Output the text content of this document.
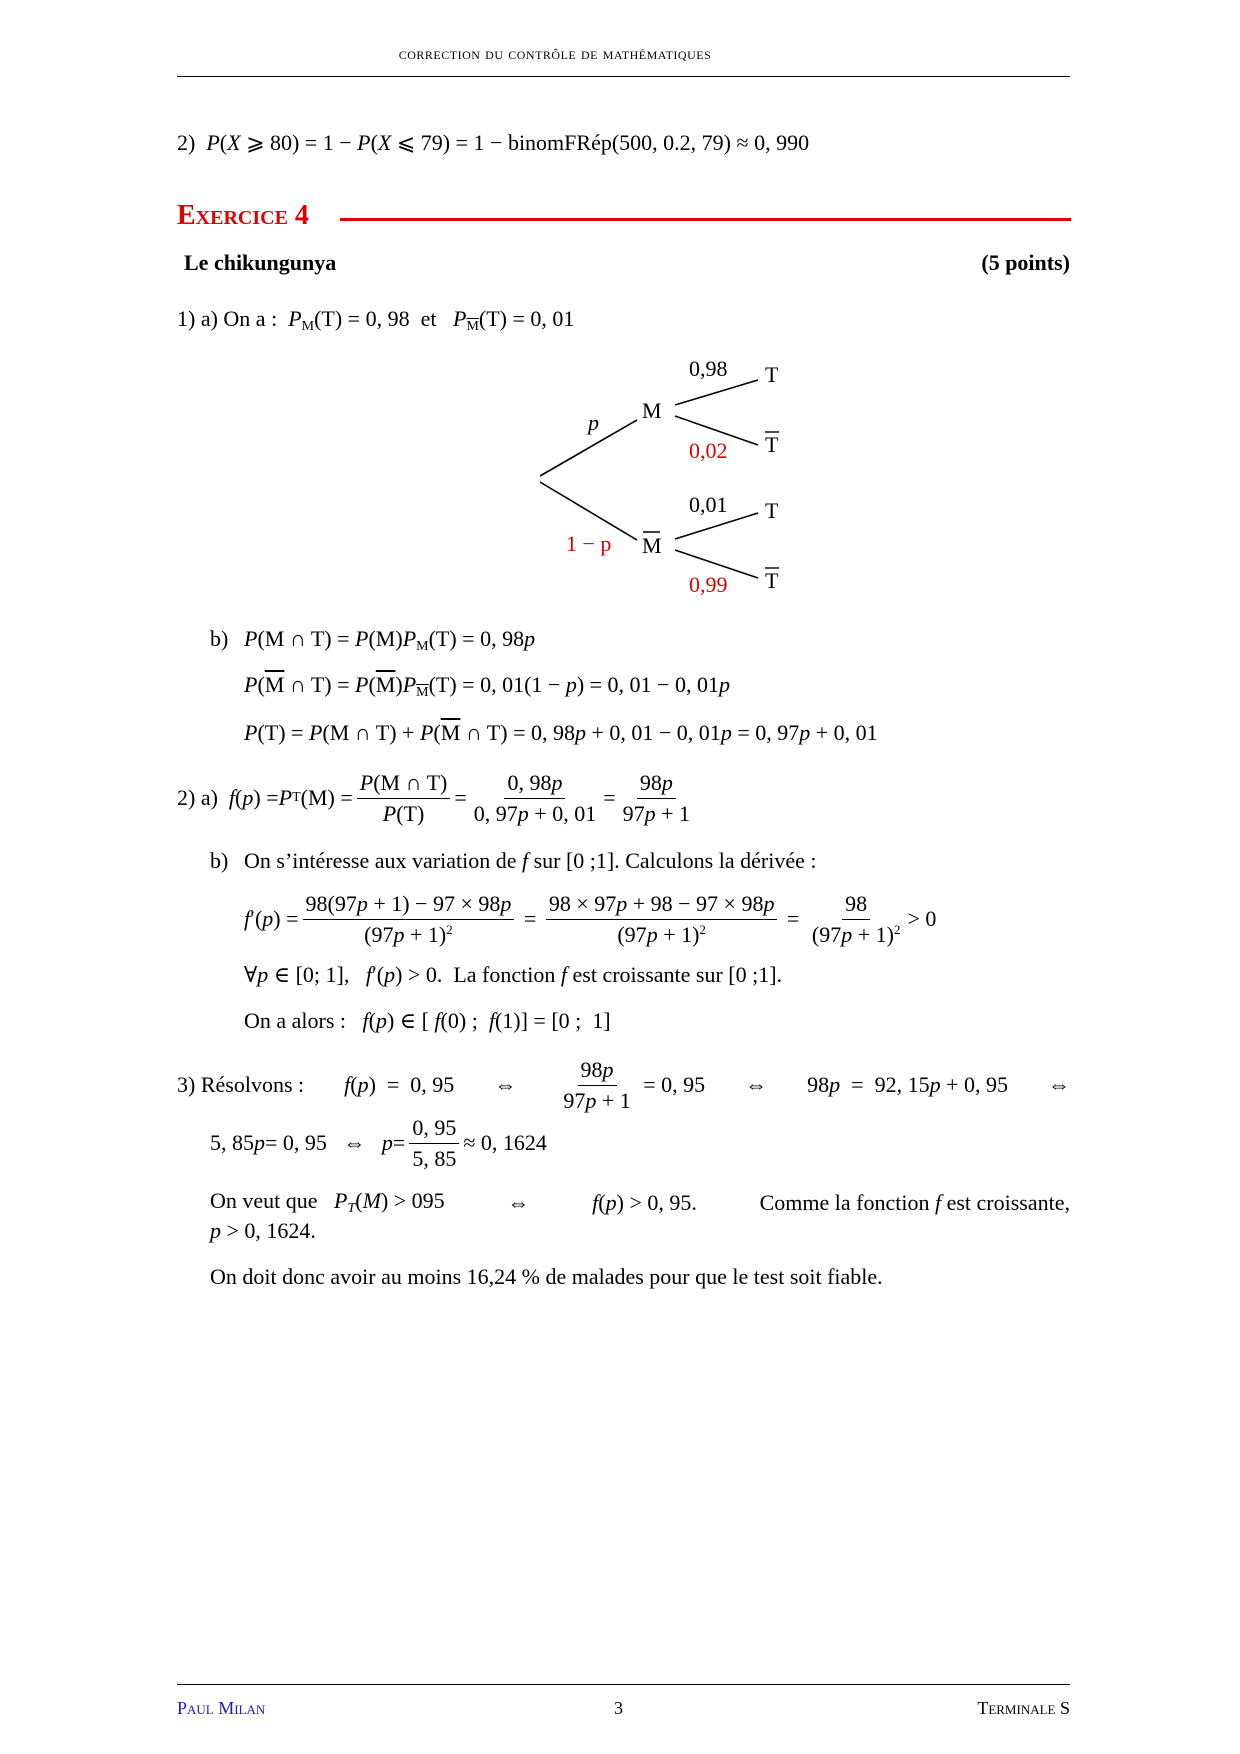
correction du contrôle de mathématiques
2)  P(X ⩾ 80) = 1 − P(X ⩽ 79) = 1 − binomFRép(500, 0.2, 79) ≈ 0, 990
Exercice 4
Le chikungunya	(5 points)
1) a) On a : $P_M(T) = 0$, 98  et $P_{\overline{M}}(T) = 0$, 01
p
1 − p
M
M
0,98
0,02
0,01
0,99
T
T
T
T
b) P(M ∩ $T) = P(M)P_M(T) = 0$, 98p
$P(\overline{M}$ ∩ $T) = P(\overline{M})P_{\overline{M}}(T) = 0$, 01(1 − p) = 0, 01 − 0, 01p
P(T) = P(M ∩ $T) + P(\overline{M}$ ∩ T) = 0, 98p + 0, 01 − 0, 01p = 0, 97p + 0, 01
2) a)
f ( p ) = P T $(M) = \frac{P(M \cap T)}{P(T)} = \frac{0, 98p}{0, 97p + 0, 01} = \frac{98p}{97p + 1}$
b) On s’intéresse aux variation de f sur [0 ;1]. Calculons la dérivée :
f ′( p ) = $\frac{98(97p + 1) - 97 \times 98p}{(97p + 1)^2} = \frac{98 \times 97p + 98 - 97 \times 98p}{(97p + 1)^2} = \frac{98}{(97p + 1)^2} > 0$
∀p ∈ [0; 1],   f′(p) > 0.  La fonction f est croissante sur [0 ;1].
On a alors :   f(p) ∈ [ f(0) ;  f(1)] = [0 ;  1]
3) Résolvons : f(p)  =  0, 95 ⇔ $\frac{98p}{97p + 1}$
= 0, 95 ⇔ 98p  =  92, 15p + 0, 95 ⇔
5, 85 p = 0, 95 ⇔
$p = \frac{0, 95}{5, 85} \approx 0$, 1624
On veut que   $P_T(M) > 095$	⇔	f(p) > 0, 95.	Comme la fonction f est croissante,
p > 0, 1624.
On doit donc avoir au moins 16,24 % de malades pour que le test soit fiable.
Paul Milan	3	Terminale S
